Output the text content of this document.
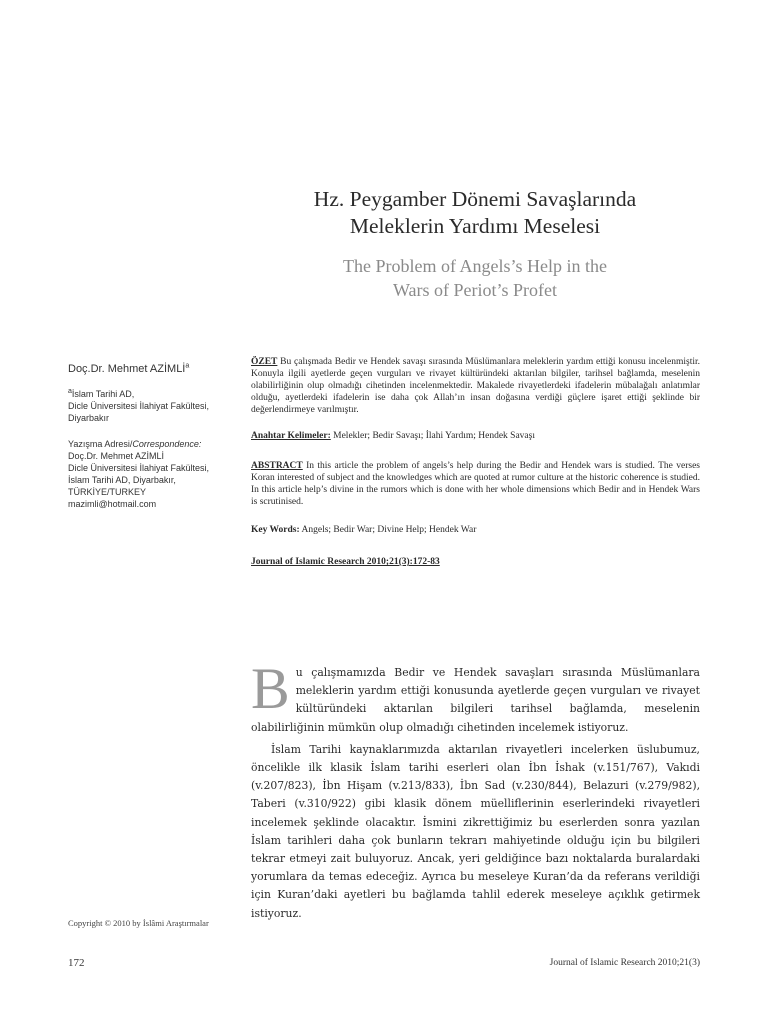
Hz. Peygamber Dönemi Savaşlarında
Meleklerin Yardımı Meselesi

The Problem of Angels’s Help in the
Wars of Periot’s Profet

Doç.Dr. Mehmet AZİMLİ$^a$
$^a$İslam Tarihi AD,
Dicle Üniversitesi İlahiyat Fakültesi,
Diyarbakır
Yazışma Adresi/Correspondence:
Doç.Dr. Mehmet AZİMLİ
Dicle Üniversitesi İlahiyat Fakültesi,
İslam Tarihi AD, Diyarbakır,
TÜRKİYE/TURKEY
mazimli@hotmail.com

ÖZET Bu çalışmada Bedir ve Hendek savaşı sırasında Müslümanlara meleklerin yardım ettiği konusu incelenmiştir. Konuyla ilgili ayetlerde geçen vurguları ve rivayet kültüründeki aktarılan bilgiler, tarihsel bağlamda, meselenin olabilirliğinin olup olmadığı cihetinden incelenmektedir. Makalede rivayetlerdeki ifadelerin mübalağalı anlatımlar olduğu, ayetlerdeki ifadelerin ise daha çok Allah’ın insan doğasına verdiği güçlere işaret ettiği şeklinde bir değerlendirmeye varılmıştır.

Anahtar Kelimeler: Melekler; Bedir Savaşı; İlahi Yardım; Hendek Savaşı

ABSTRACT In this article the problem of angels’s help during the Bedir and Hendek wars is studied. The verses Koran interested of subject and the knowledges which are quoted at rumor culture at the historic coherence is studied. In this article help’s divine in the rumors which is done with her whole dimensions which Bedir and in Hendek Wars is scrutinised.

Key Words: Angels; Bedir War; Divine Help; Hendek War

Journal of Islamic Research 2010;21(3):172-83

Bu çalışmamızda Bedir ve Hendek savaşları sırasında Müslümanlara meleklerin yardım ettiği konusunda ayetlerde geçen vurguları ve rivayet kültüründeki aktarılan bilgileri tarihsel bağlamda, meselenin olabilirliğinin mümkün olup olmadığı cihetinden incelemek istiyoruz.

İslam Tarihi kaynaklarımızda aktarılan rivayetleri incelerken üslubumuz, öncelikle ilk klasik İslam tarihi eserleri olan İbn İshak (v.151/767), Vakıdi (v.207/823), İbn Hişam (v.213/833), İbn Sad (v.230/844), Belazuri (v.279/982), Taberi (v.310/922) gibi klasik dönem müelliflerinin eserlerindeki rivayetleri incelemek şeklinde olacaktır. İsmini zikrettiğimiz bu eserlerden sonra yazılan İslam tarihleri daha çok bunların tekrarı mahiyetinde olduğu için bu bilgileri tekrar etmeyi zait buluyoruz. Ancak, yeri geldiğince bazı noktalarda buralardaki yorumlara da temas edeceğiz. Ayrıca bu meseleye Kuran’da da referans verildiği için Kuran’daki ayetleri bu bağlamda tahlil ederek meseleye açıklık getirmek istiyoruz.

Copyright © 2010 by İslâmi Araştırmalar
172	Journal of Islamic Research 2010;21(3)
